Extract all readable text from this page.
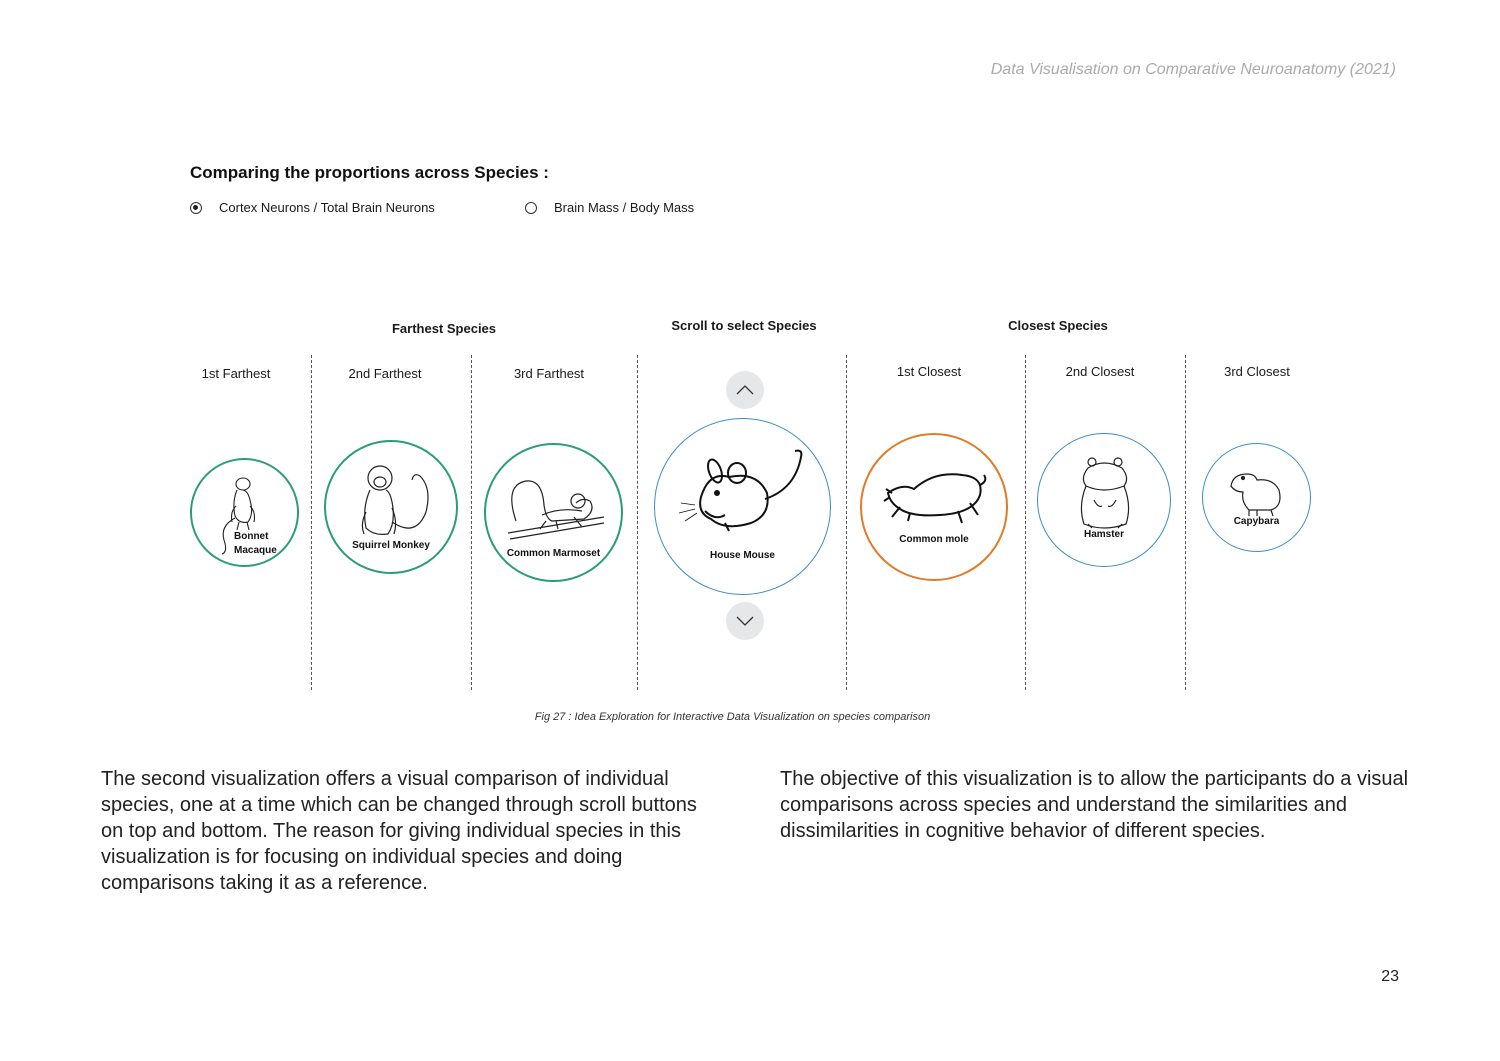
Data Visualisation on Comparative Neuroanatomy (2021)
Comparing the proportions across Species :
Cortex Neurons / Total Brain Neurons	Brain Mass / Body Mass
Farthest Species	Scroll to select Species	Closest Species
1st Farthest	2nd Farthest	3rd Farthest	1st Closest	2nd Closest	3rd Closest
Bonnet Macaque	Squirrel Monkey
Common Marmoset	House Mouse
Common mole	Hamster
Capybara
Fig 27 : Idea Exploration for Interactive Data Visualization on species comparison
The second visualization offers a visual comparison of individual species, one at a time which can be changed through scroll buttons on top and bottom. The reason for giving individual species in this visualization is for focusing on individual species and doing comparisons taking it as a reference.
The objective of this visualization is to allow the participants do a visual comparisons across species and understand the similarities and dissimilarities in cognitive behavior of different species.
23
